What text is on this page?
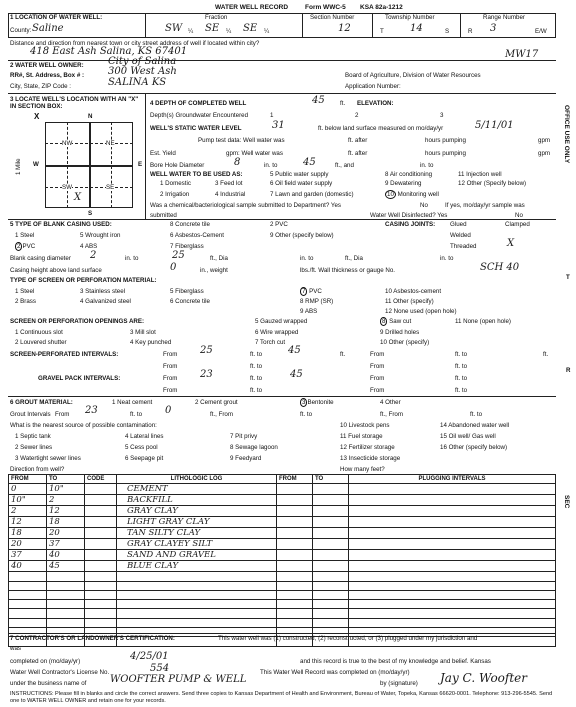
WATER WELL RECORD	Form WWC-5 KSA 82a-1212
1 LOCATION OF WATER WELL:
County: Saline
Fraction
SW ¼ SE ¼ SE ¼
Section Number
12
Township Number
T	14	S
Range Number
R 3	E/W
Distance and direction from nearest town or city street address of well if located within city?
418 East Ash Salina, KS 67401	MW17
2 WATER WELL OWNER: City of Salina
RR#, St. Address, Box # : 300 West Ash	Board of Agriculture, Division of Water Resources
City, State, ZIP Code :	SALINA KS	Application Number:
3 LOCATE WELL'S LOCATION WITH AN "X" IN SECTION BOX:
X	N
S
W	E
1 Mile
NW	NE
SW	SE
X
4 DEPTH OF COMPLETED WELL	45 ft. ELEVATION:
Depth(s) Groundwater Encountered	1	2	3
WELL'S STATIC WATER LEVEL	31	ft. below land surface measured on mo/day/yr	5/11/01
Pump test data: Well water was	ft. after	hours pumping	gpm
Est. Yield	gpm: Well water was	ft. after	hours pumping	gpm
Bore Hole Diameter	8	in. to	45	ft., and	in. to
WELL WATER TO BE USED AS:
1 Domestic	3 Feed lot
5 Public water supply	8 Air conditioning	11 Injection well
2 Irrigation	4 Industrial	7 Lawn and garden (domestic)
9 Dewatering	12 Other (Specify below)
6 Oil field water supply
10 Monitoring well
Was a chemical/bacteriological sample submitted to Department? Yes	No	If yes, mo/day/yr sample was
submitted	Water Well Disinfected? Yes	No
5 TYPE OF BLANK CASING USED:
1 Steel	5 Wrought iron
8 Concrete tile	2 PVC
2 PVC	4 ABS
6 Asbestos-Cement
7 Fiberglass
9 Other (specify below)
CASING JOINTS: Glued	Clamped
Welded
Threaded	X
Blank casing diameter 2	in. to	25	ft., Dia	in. to	ft., Dia	in. to
Casing height above land surface	0	in., weight	lbs./ft. Wall thickness or gauge No.	SCH 40
TYPE OF SCREEN OR PERFORATION MATERIAL:
1 Steel	3 Stainless steel	5 Fiberglass	7 PVC	10 Asbestos-cement
2 Brass	4 Galvanized steel	6 Concrete tile	8 RMP (SR)	11 Other (specify)
9 ABS	12 None used (open hole)
SCREEN OR PERFORATION OPENINGS ARE:	5 Gauzed wrapped	8 Saw cut	11 None (open hole)
1 Continuous slot	3 Mill slot	6 Wire wrapped	9 Drilled holes
2 Louvered shutter	4 Key punched	7 Torch cut	10 Other (specify)
SCREEN-PERFORATED INTERVALS:	From 25	ft. to	45	ft.	From	ft. to	ft.
From	ft. to	From	ft. to
GRAVEL PACK INTERVALS:	From 23	ft. to	45	From	ft. to
From	ft. to	From	ft. to
6 GROUT MATERIAL:	1 Neat cement	2 Cement grout	3 Bentonite	4 Other
Grout Intervals From 23	ft. to 0	ft., From	ft. to	ft., From	ft. to
What is the nearest source of possible contamination:
1 Septic tank	4 Lateral lines	7 Pit privy
10 Livestock pens	14 Abandoned water well
2 Sewer lines	5 Cess pool	8 Sewage lagoon
11 Fuel storage	15 Oil well/ Gas well
3 Watertight sewer lines	6 Seepage pit	9 Feedyard
12 Fertilizer storage	16 Other (specify below)
13 Insecticide storage
Direction from well?	How many feet?
FROM	TO	CODE	LITHOLOGIC LOG	FROM	TO	PLUGGING INTERVALS
0	10"		CEMENT			
10"	2		BACKFILL			
2	12		GRAY CLAY			
12	18		LIGHT GRAY CLAY			
18	20		TAN SILTY CLAY			
20	37		GRAY CLAYEY SILT			
37	40		SAND AND GRAVEL			
40	45		BLUE CLAY			

7 CONTRACTOR'S OR LANDOWNER'S CERTIFICATION:	This water well was (1) constructed, (2) reconstructed, or (3) plugged under my jurisdiction and
was
completed on (mo/day/yr)	4/25/01	and this record is true to the best of my knowledge and belief. Kansas
Water Well Contractor's License No.	554	This Water Well Record was completed on (mo/day/yr)
under the business name of WOOFTER PUMP & WELL	by (signature) Jay C. Woofter
INSTRUCTIONS: Please fill in blanks and circle the correct answers. Send three copies to Kansas Department of Health and Environment, Bureau of Water, Topeka, Kansas 66620-0001. Telephone: 913-296-5545. Send one to WATER WELL OWNER and retain one for your records.
OFFICE USE ONLY
T
R
SEC
